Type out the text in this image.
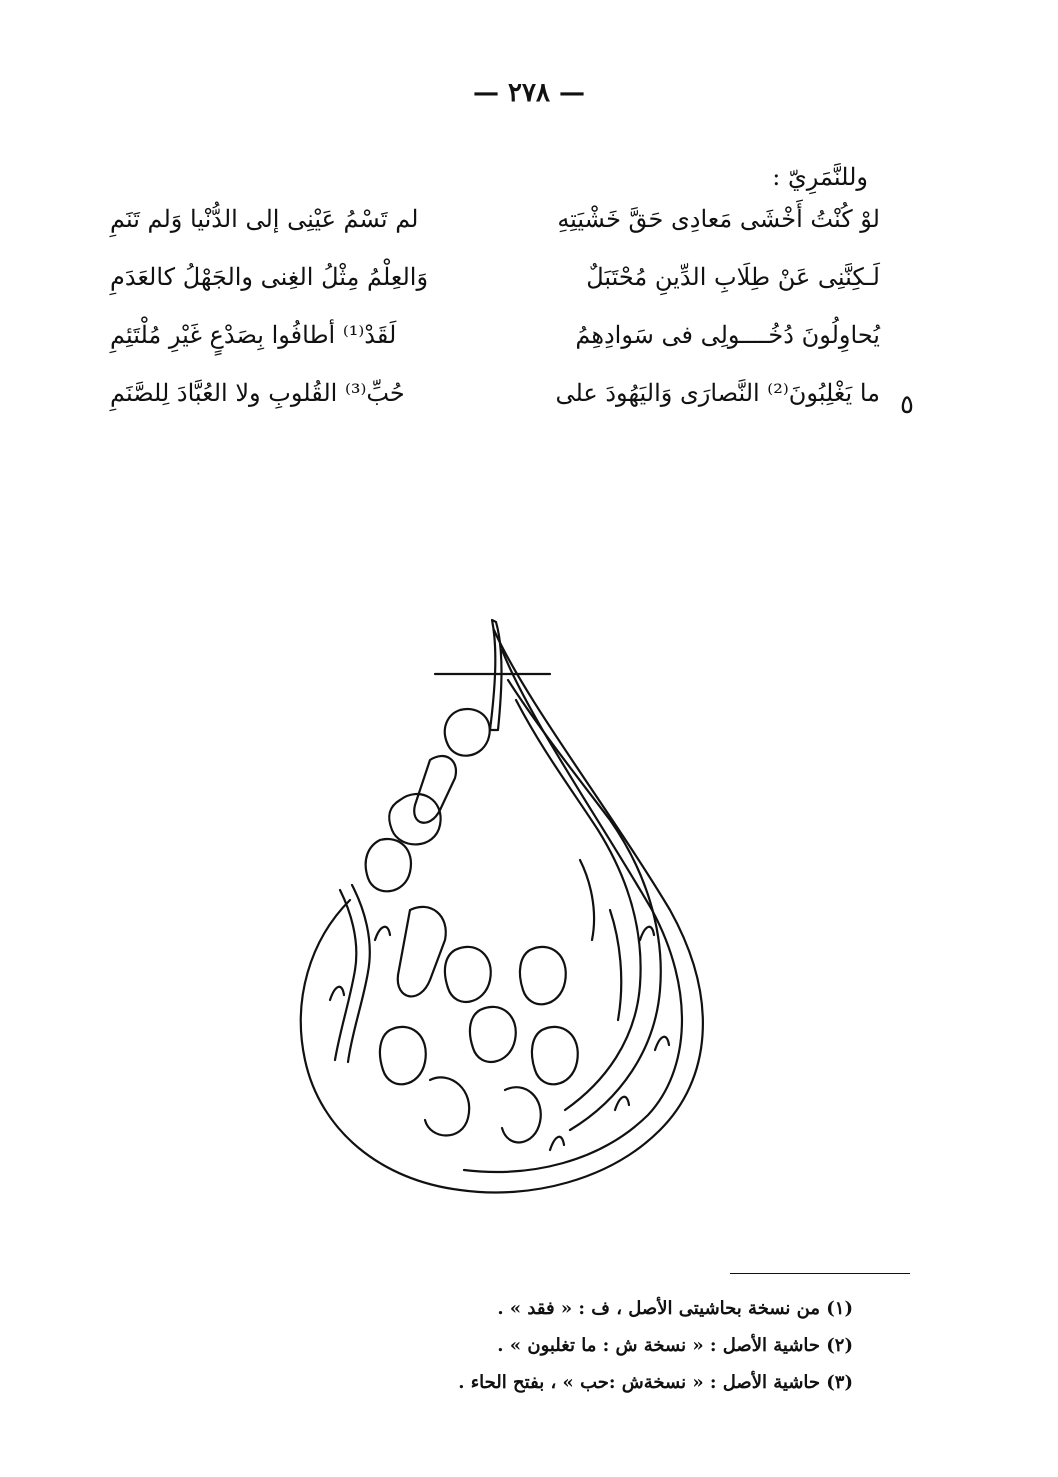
— ٢٧٨ —
وللنَّمَرِيّ :
لوْ كُنْتُ أَخْشَى مَعادِى حَقَّ خَشْيَتِهِ
لم تَسْمُ عَيْنِى إلى الدُّنْيا وَلم تَنَمِ
لَـكِنَّنِى عَنْ طِلَابِ الدِّينِ مُحْتَبَلٌ
وَالعِلْمُ مِثْلُ الغِنى والجَهْلُ كالعَدَمِ
يُحاوِلُونَ دُخُــــولِى فى سَوادِهِمُ
لَقَدْ⁽¹⁾ أطافُوا بِصَدْعٍ غَيْرِ مُلْتَئِمِ
ما يَغْلِبُونَ⁽²⁾ النَّصارَى وَاليَهُودَ على
حُبِّ⁽³⁾ القُلوبِ ولا العُبَّادَ لِلصَّنَمِ	٥
(١) من نسخة بحاشيتى الأصل ، ف : « فقد » .
(٢) حاشية الأصل : « نسخة ش : ما تغلبون » .
(٣) حاشية الأصل : « نسخةش :حب » ، بفتح الحاء .
